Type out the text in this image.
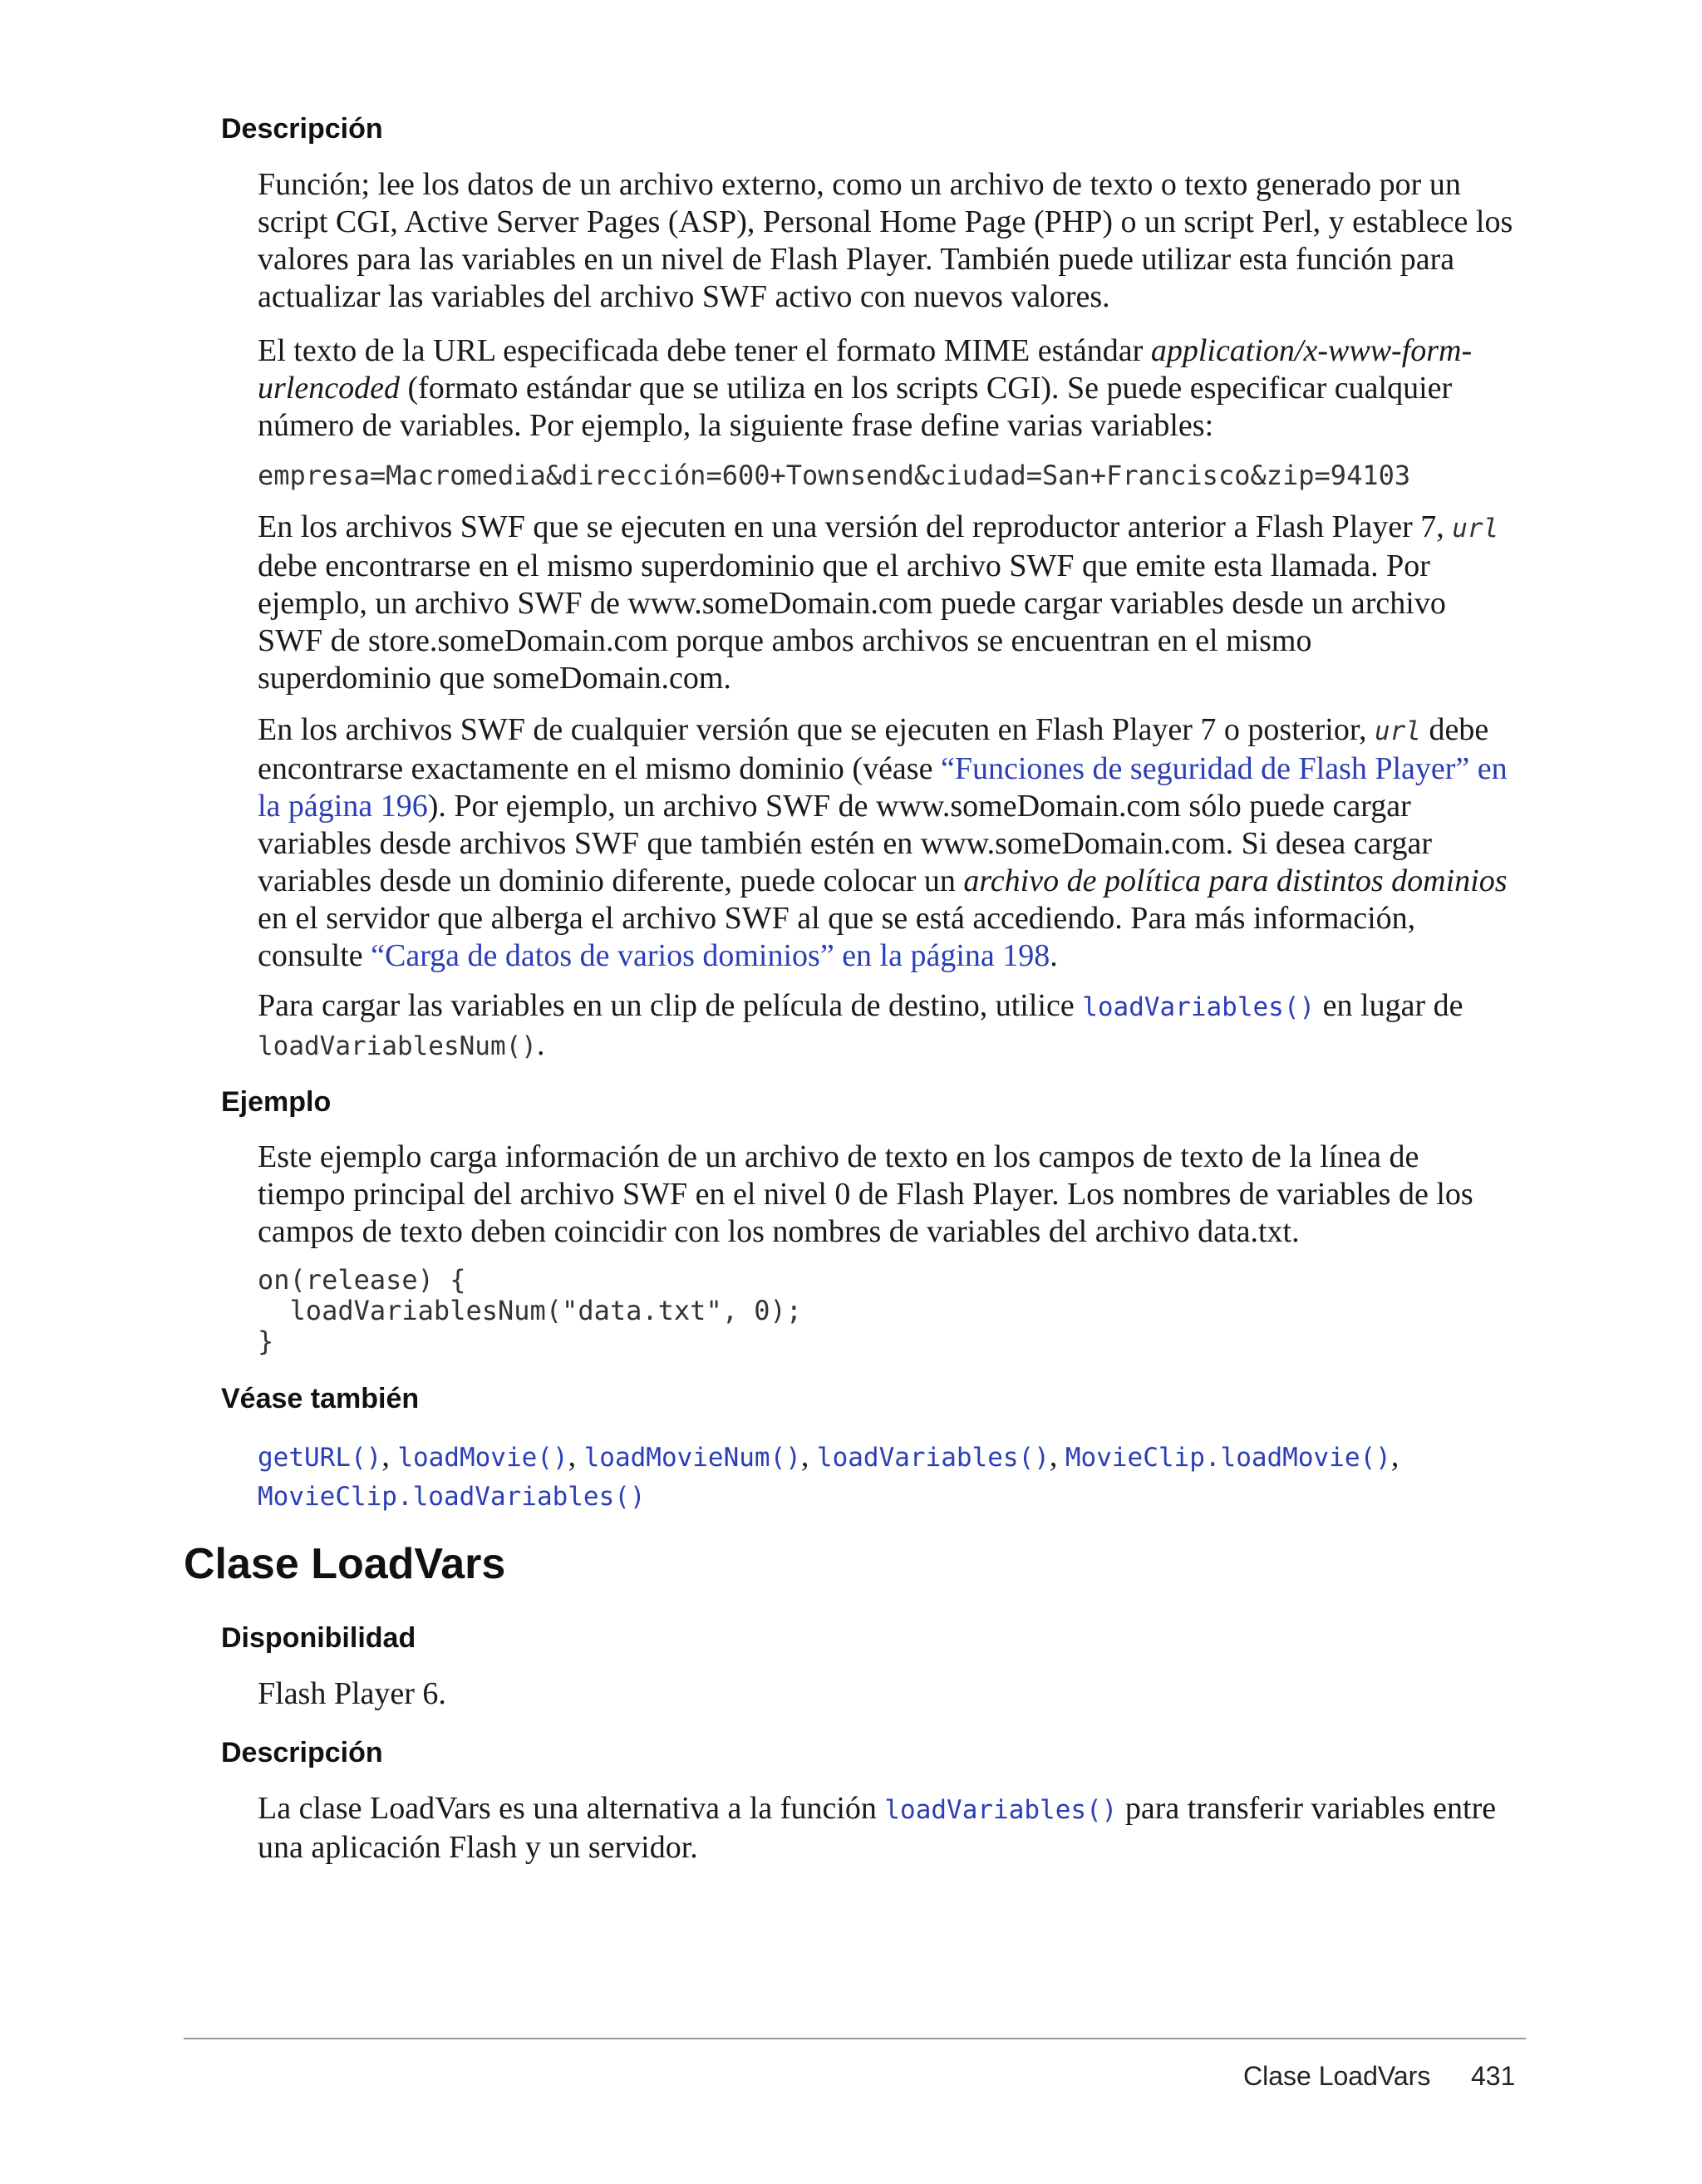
Descripción
Función; lee los datos de un archivo externo, como un archivo de texto o texto generado por un
script CGI, Active Server Pages (ASP), Personal Home Page (PHP) o un script Perl, y establece los
valores para las variables en un nivel de Flash Player. También puede utilizar esta función para
actualizar las variables del archivo SWF activo con nuevos valores.
El texto de la URL especificada debe tener el formato MIME estándar application/x-www-form-
urlencoded (formato estándar que se utiliza en los scripts CGI). Se puede especificar cualquier
número de variables. Por ejemplo, la siguiente frase define varias variables:
empresa=Macromedia&dirección=600+Townsend&ciudad=San+Francisco&zip=94103
En los archivos SWF que se ejecuten en una versión del reproductor anterior a Flash Player 7, url
debe encontrarse en el mismo superdominio que el archivo SWF que emite esta llamada. Por
ejemplo, un archivo SWF de www.someDomain.com puede cargar variables desde un archivo
SWF de store.someDomain.com porque ambos archivos se encuentran en el mismo
superdominio que someDomain.com.
En los archivos SWF de cualquier versión que se ejecuten en Flash Player 7 o posterior, url debe
encontrarse exactamente en el mismo dominio (véase “Funciones de seguridad de Flash Player” en
la página 196). Por ejemplo, un archivo SWF de www.someDomain.com sólo puede cargar
variables desde archivos SWF que también estén en www.someDomain.com. Si desea cargar
variables desde un dominio diferente, puede colocar un archivo de política para distintos dominios
en el servidor que alberga el archivo SWF al que se está accediendo. Para más información,
consulte “Carga de datos de varios dominios” en la página 198.
Para cargar las variables en un clip de película de destino, utilice loadVariables() en lugar de
loadVariablesNum().
Ejemplo
Este ejemplo carga información de un archivo de texto en los campos de texto de la línea de
tiempo principal del archivo SWF en el nivel 0 de Flash Player. Los nombres de variables de los
campos de texto deben coincidir con los nombres de variables del archivo data.txt.
on(release) {
loadVariablesNum("data.txt", 0);
}
Véase también
getURL(), loadMovie(), loadMovieNum(), loadVariables(), MovieClip.loadMovie(),
MovieClip.loadVariables()
Clase LoadVars
Disponibilidad
Flash Player 6.
Descripción
La clase LoadVars es una alternativa a la función loadVariables() para transferir variables entre
una aplicación Flash y un servidor.
Clase LoadVars 431
